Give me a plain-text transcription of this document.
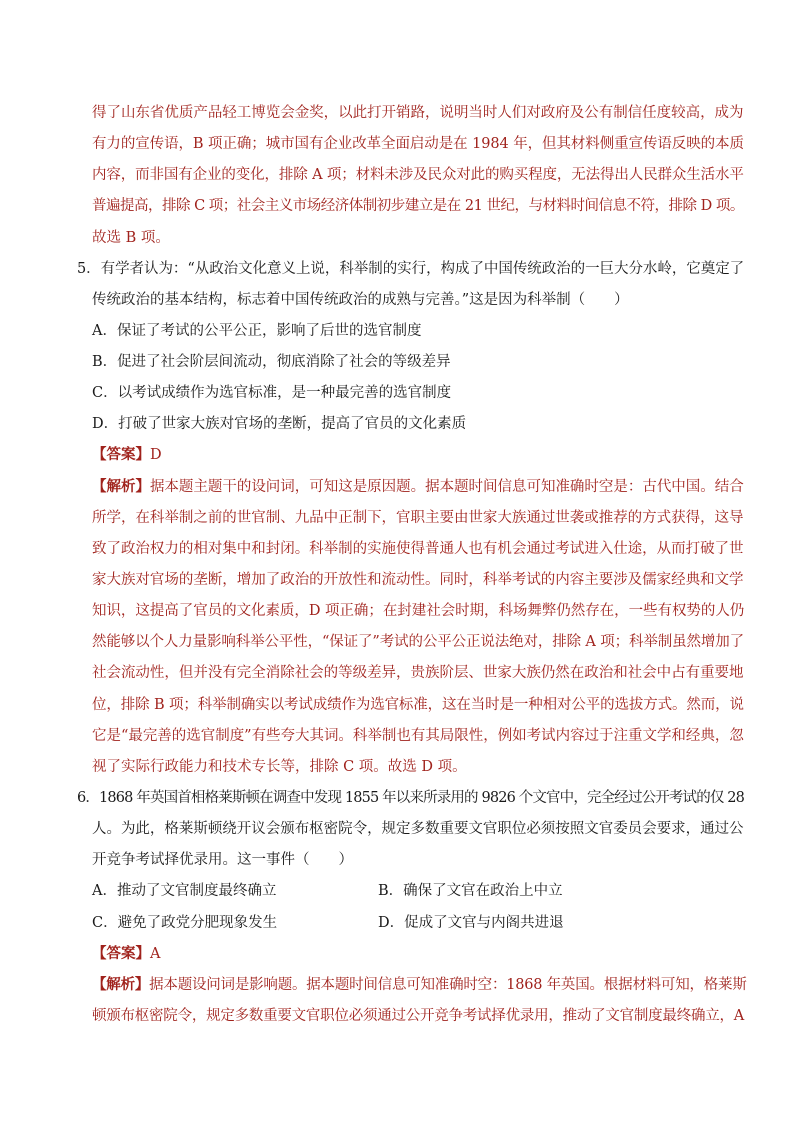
得了山东省优质产品轻工博览会金奖，以此打开销路，说明当时人们对政府及公有制信任度较高，成为
有力的宣传语，B 项正确；城市国有企业改革全面启动是在 1984 年，但其材料侧重宣传语反映的本质
内容，而非国有企业的变化，排除 A 项；材料未涉及民众对此的购买程度，无法得出人民群众生活水平
普遍提高，排除 C 项；社会主义市场经济体制初步建立是在 21 世纪，与材料时间信息不符，排除 D 项。
故选 B 项。
5．有学者认为：“从政治文化意义上说，科举制的实行，构成了中国传统政治的一巨大分水岭，它奠定了
传统政治的基本结构，标志着中国传统政治的成熟与完善。”这是因为科举制（　　）
A．保证了考试的公平公正，影响了后世的选官制度
B．促进了社会阶层间流动，彻底消除了社会的等级差异
C．以考试成绩作为选官标准，是一种最完善的选官制度
D．打破了世家大族对官场的垄断，提高了官员的文化素质
【答案】D
【解析】据本题主题干的设问词，可知这是原因题。据本题时间信息可知准确时空是：古代中国。结合
所学，在科举制之前的世官制、九品中正制下，官职主要由世家大族通过世袭或推荐的方式获得，这导
致了政治权力的相对集中和封闭。科举制的实施使得普通人也有机会通过考试进入仕途，从而打破了世
家大族对官场的垄断，增加了政治的开放性和流动性。同时，科举考试的内容主要涉及儒家经典和文学
知识，这提高了官员的文化素质，D 项正确；在封建社会时期，科场舞弊仍然存在，一些有权势的人仍
然能够以个人力量影响科举公平性，“保证了”考试的公平公正说法绝对，排除 A 项；科举制虽然增加了
社会流动性，但并没有完全消除社会的等级差异，贵族阶层、世家大族仍然在政治和社会中占有重要地
位，排除 B 项；科举制确实以考试成绩作为选官标准，这在当时是一种相对公平的选拔方式。然而，说
它是“最完善的选官制度”有些夸大其词。科举制也有其局限性，例如考试内容过于注重文学和经典，忽
视了实际行政能力和技术专长等，排除 C 项。故选 D 项。
6．1868 年英国首相格莱斯顿在调查中发现 1855 年以来所录用的 9826 个文官中，完全经过公开考试的仅 28
人。为此，格莱斯顿绕开议会颁布枢密院令，规定多数重要文官职位必须按照文官委员会要求，通过公
开竞争考试择优录用。这一事件（　　）
A．推动了文官制度最终确立	B．确保了文官在政治上中立
C．避免了政党分肥现象发生	D．促成了文官与内阁共进退
【答案】A
【解析】据本题设问词是影响题。据本题时间信息可知准确时空：1868 年英国。根据材料可知，格莱斯
顿颁布枢密院令，规定多数重要文官职位必须通过公开竞争考试择优录用，推动了文官制度最终确立，A
